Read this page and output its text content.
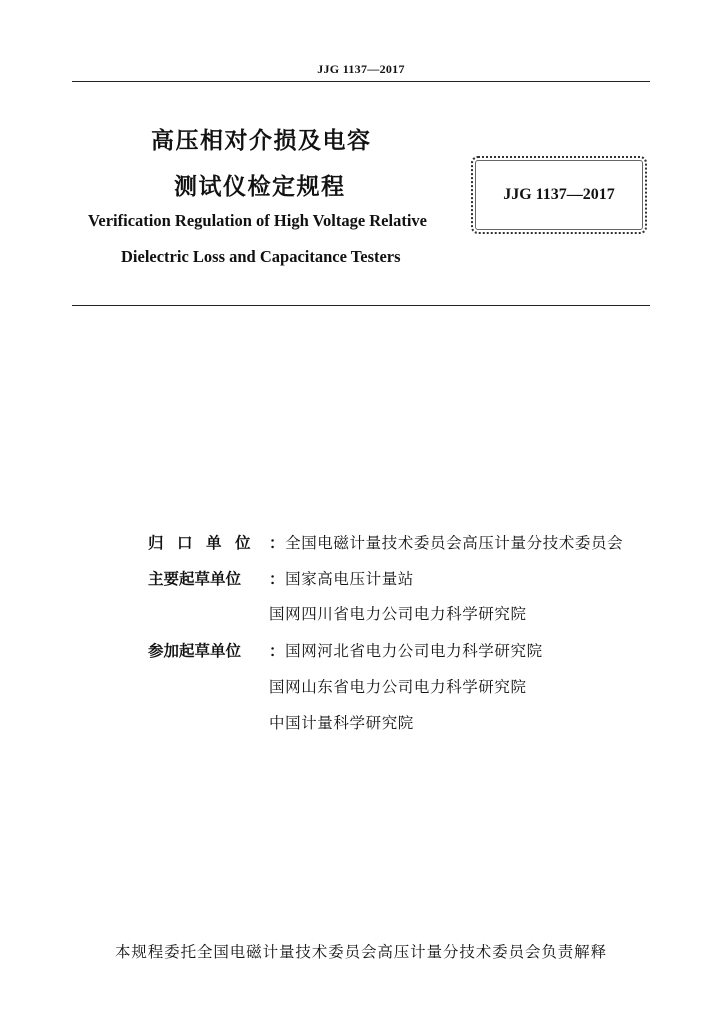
JJG 1137—2017
高压相对介损及电容
测试仪检定规程
Verification Regulation of High Voltage Relative
Dielectric Loss and Capacitance Testers
JJG 1137—2017
归口单位 ：全国电磁计量技术委员会高压计量分技术委员会
主要起草单位 ：国家高电压计量站
国网四川省电力公司电力科学研究院
参加起草单位 ：国网河北省电力公司电力科学研究院
国网山东省电力公司电力科学研究院
中国计量科学研究院
本规程委托全国电磁计量技术委员会高压计量分技术委员会负责解释
